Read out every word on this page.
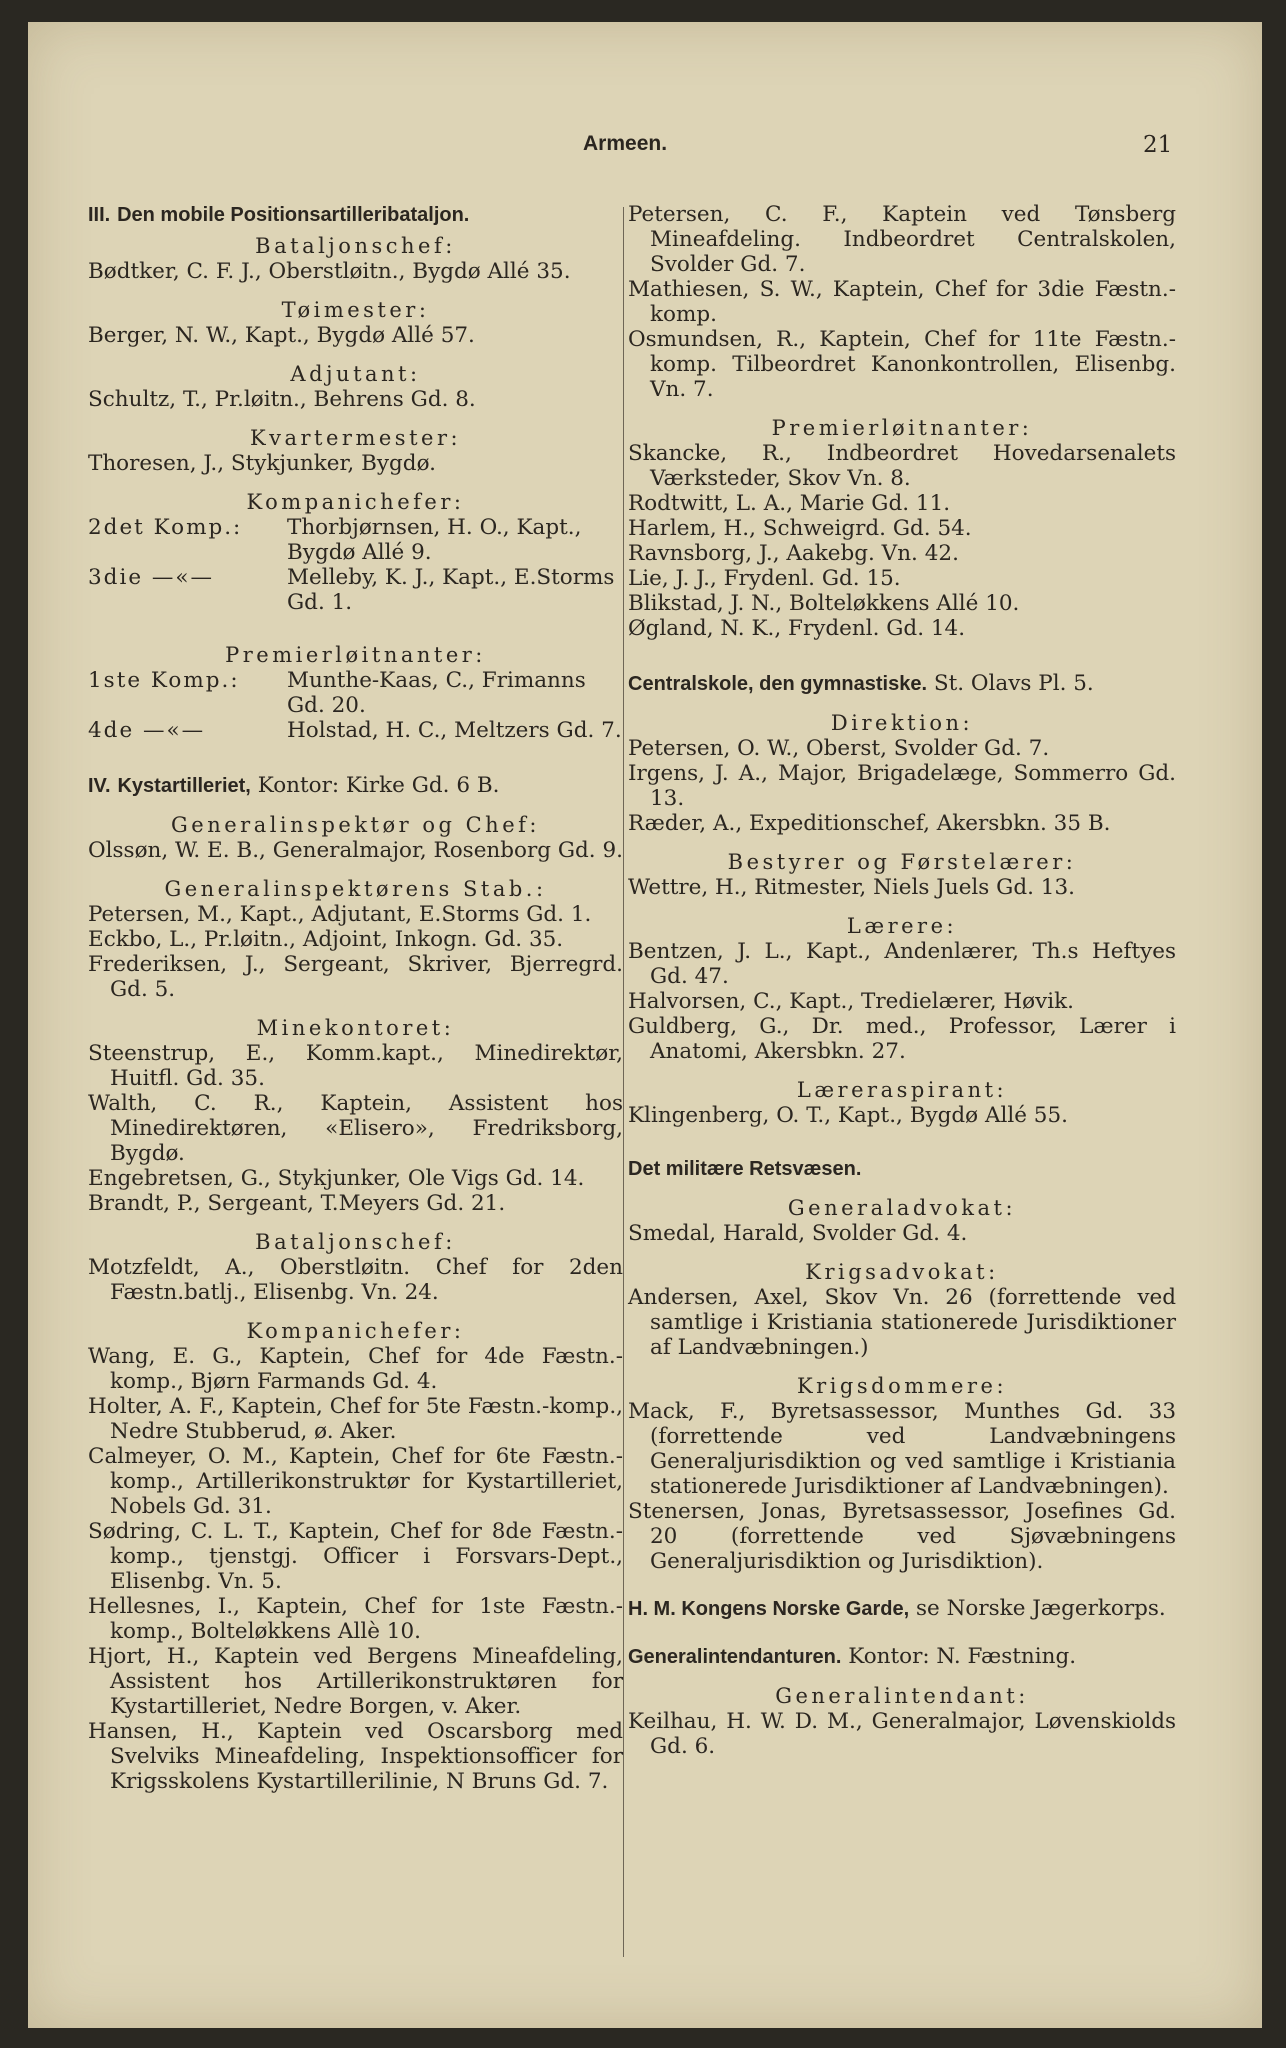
Armeen.	21
III. Den mobile Positionsartilleribataljon.
Bataljonschef:
Bødtker, C. F. J., Oberstløitn., Bygdø Allé 35.
Tøimester:
Berger, N. W., Kapt., Bygdø Allé 57.
Adjutant:
Schultz, T., Pr.løitn., Behrens Gd. 8.
Kvartermester:
Thoresen, J., Stykjunker, Bygdø.
Kompanichefer:
2det Komp.:	Thorbjørnsen, H. O., Kapt., Bygdø Allé 9.
3die —«—	Melleby, K. J., Kapt., E.Storms Gd. 1.
Premierløitnanter:
1ste Komp.:	Munthe-Kaas, C., Frimanns Gd. 20.
4de —«—	Holstad, H. C., Meltzers Gd. 7.
IV. Kystartilleriet, Kontor: Kirke Gd. 6 B.
Generalinspektør og Chef:
Olssøn, W. E. B., Generalmajor, Rosenborg Gd. 9.
Generalinspektørens Stab.:
Petersen, M., Kapt., Adjutant, E.Storms Gd. 1.
Eckbo, L., Pr.løitn., Adjoint, Inkogn. Gd. 35.
Frederiksen, J., Sergeant, Skriver, Bjerregrd. Gd. 5.
Minekontoret:
Steenstrup, E., Komm.kapt., Minedirektør, Huitfl. Gd. 35.
Walth, C. R., Kaptein, Assistent hos Minedirektøren, «Elisero», Fredriksborg, Bygdø.
Engebretsen, G., Stykjunker, Ole Vigs Gd. 14.
Brandt, P., Sergeant, T.Meyers Gd. 21.
Bataljonschef:
Motzfeldt, A., Oberstløitn. Chef for 2den Fæstn.batlj., Elisenbg. Vn. 24.
Kompanichefer:
Wang, E. G., Kaptein, Chef for 4de Fæstn.-komp., Bjørn Farmands Gd. 4.
Holter, A. F., Kaptein, Chef for 5te Fæstn.-komp., Nedre Stubberud, ø. Aker.
Calmeyer, O. M., Kaptein, Chef for 6te Fæstn.-komp., Artillerikonstruktør for Kystartilleriet, Nobels Gd. 31.
Sødring, C. L. T., Kaptein, Chef for 8de Fæstn.-komp., tjenstgj. Officer i Forsvars-Dept., Elisenbg. Vn. 5.
Hellesnes, I., Kaptein, Chef for 1ste Fæstn.-komp., Bolteløkkens Allè 10.
Hjort, H., Kaptein ved Bergens Mineafdeling, Assistent hos Artillerikonstruktøren for Kystartilleriet, Nedre Borgen, v. Aker.
Hansen, H., Kaptein ved Oscarsborg med Svelviks Mineafdeling, Inspektionsofficer for Krigsskolens Kystartillerilinie, N Bruns Gd. 7.
Petersen, C. F., Kaptein ved Tønsberg Mineafdeling. Indbeordret Centralskolen, Svolder Gd. 7.
Mathiesen, S. W., Kaptein, Chef for 3die Fæstn.-komp.
Osmundsen, R., Kaptein, Chef for 11te Fæstn.-komp. Tilbeordret Kanonkontrollen, Elisenbg. Vn. 7.
Premierløitnanter:
Skancke, R., Indbeordret Hovedarsenalets Værksteder, Skov Vn. 8.
Rodtwitt, L. A., Marie Gd. 11.
Harlem, H., Schweigrd. Gd. 54.
Ravnsborg, J., Aakebg. Vn. 42.
Lie, J. J., Frydenl. Gd. 15.
Blikstad, J. N., Bolteløkkens Allé 10.
Øgland, N. K., Frydenl. Gd. 14.
Centralskole, den gymnastiske. St. Olavs Pl. 5.
Direktion:
Petersen, O. W., Oberst, Svolder Gd. 7.
Irgens, J. A., Major, Brigadelæge, Sommerro Gd. 13.
Ræder, A., Expeditionschef, Akersbkn. 35 B.
Bestyrer og Førstelærer:
Wettre, H., Ritmester, Niels Juels Gd. 13.
Lærere:
Bentzen, J. L., Kapt., Andenlærer, Th.s Heftyes Gd. 47.
Halvorsen, C., Kapt., Tredielærer, Høvik.
Guldberg, G., Dr. med., Professor, Lærer i Anatomi, Akersbkn. 27.
Læreraspirant:
Klingenberg, O. T., Kapt., Bygdø Allé 55.
Det militære Retsvæsen.
Generaladvokat:
Smedal, Harald, Svolder Gd. 4.
Krigsadvokat:
Andersen, Axel, Skov Vn. 26 (forrettende ved samtlige i Kristiania stationerede Jurisdiktioner af Landvæbningen.)
Krigsdommere:
Mack, F., Byretsassessor, Munthes Gd. 33 (forrettende ved Landvæbningens Generaljurisdiktion og ved samtlige i Kristiania stationerede Jurisdiktioner af Landvæbningen).
Stenersen, Jonas, Byretsassessor, Josefines Gd. 20 (forrettende ved Sjøvæbningens Generaljurisdiktion og Jurisdiktion).
H. M. Kongens Norske Garde, se Norske Jægerkorps.
Generalintendanturen. Kontor: N. Fæstning.
Generalintendant:
Keilhau, H. W. D. M., Generalmajor, Løvenskiolds Gd. 6.
